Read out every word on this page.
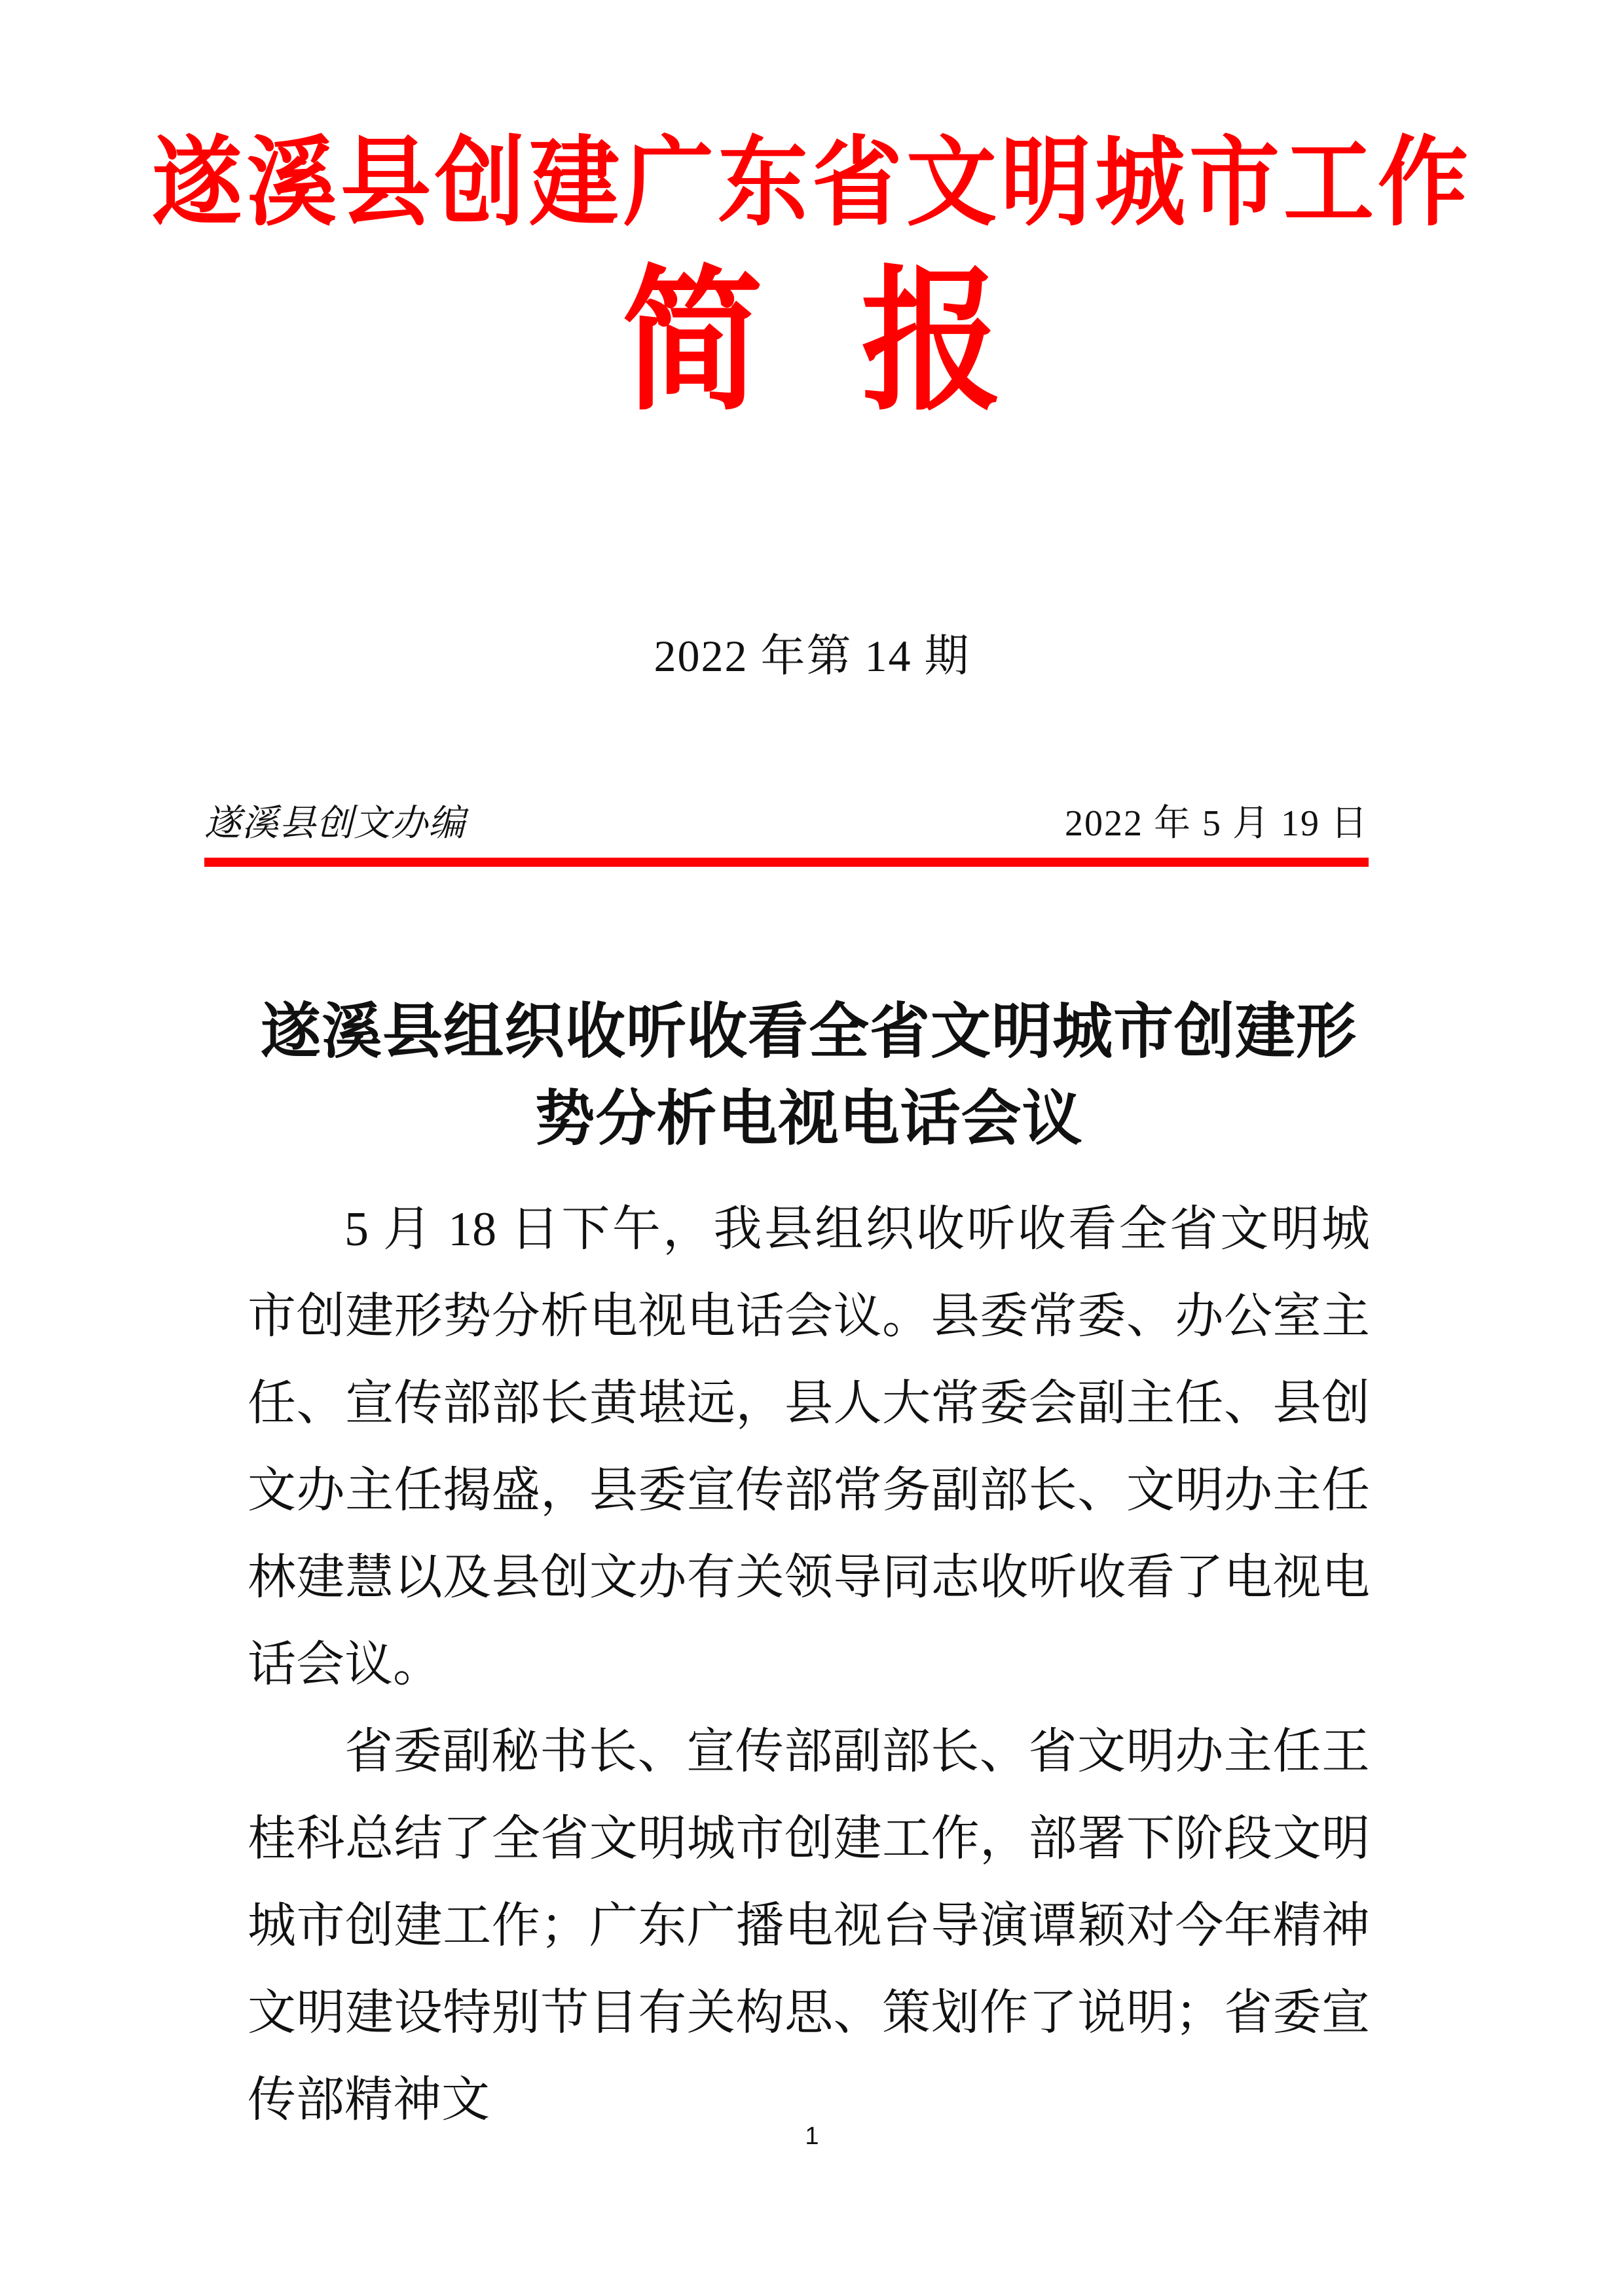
遂溪县创建广东省文明城市工作
简报
2022 年第 14 期
遂溪县创文办编	2022 年 5 月 19 日
遂溪县组织收听收看全省文明城市创建形势分析电视电话会议

5 月 18 日下午，我县组织收听收看全省文明城市创建形势分析电视电话会议。县委常委、办公室主任、宣传部部长黄堪远，县人大常委会副主任、县创文办主任揭盛，县委宣传部常务副部长、文明办主任林建慧以及县创文办有关领导同志收听收看了电视电话会议。

省委副秘书长、宣传部副部长、省文明办主任王桂科总结了全省文明城市创建工作，部署下阶段文明城市创建工作；广东广播电视台导演谭颖对今年精神文明建设特别节目有关构思、策划作了说明；省委宣传部精神文

1
